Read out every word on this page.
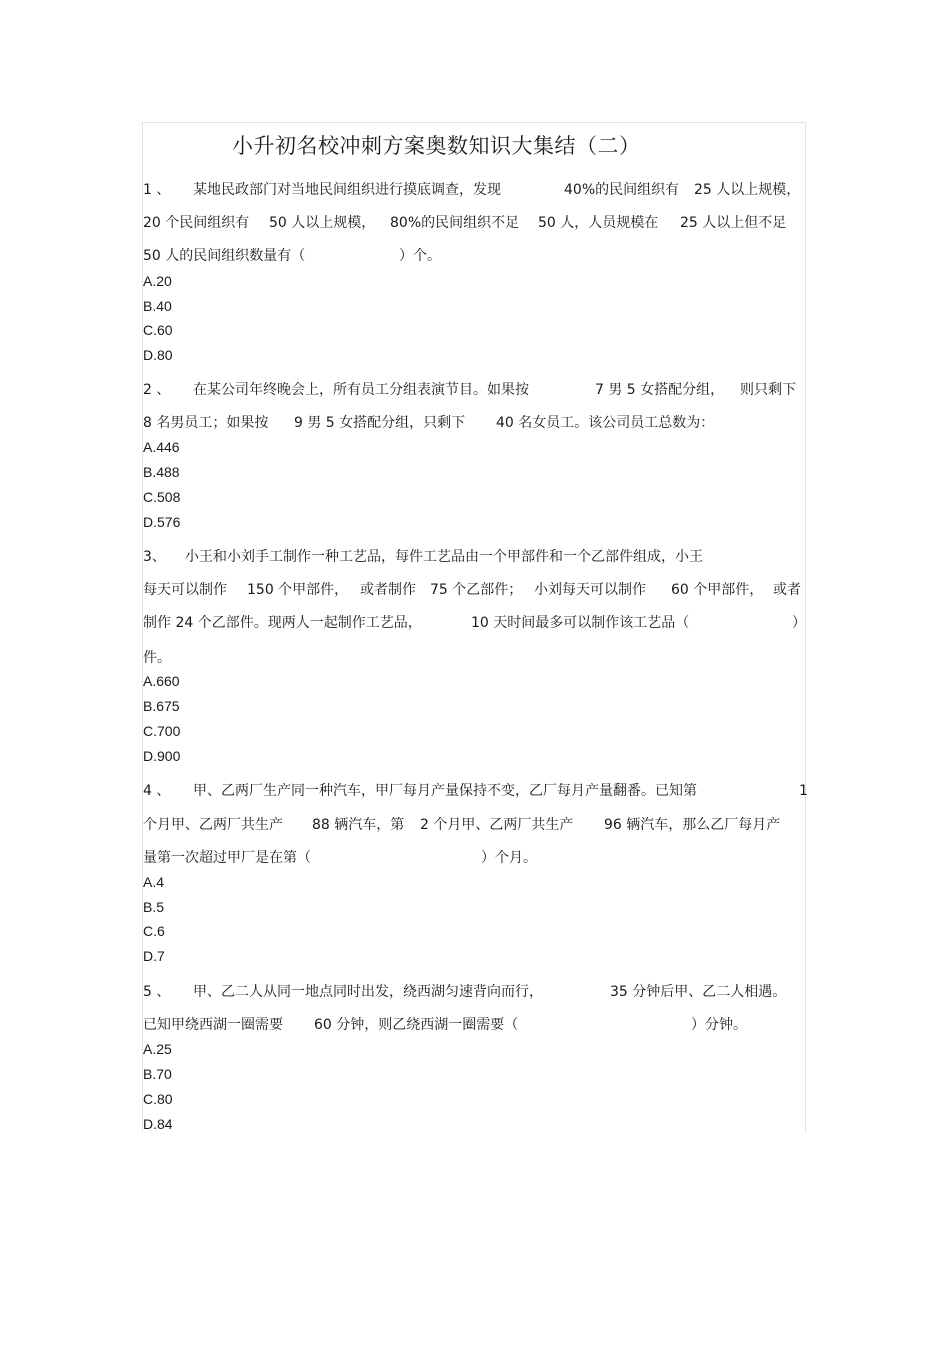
小升初名校冲刺方案奥数知识大集结（二）
1 、 某地民政部门对当地民间组织进行摸底调查，发现	40%的民间组织有 25 人以上规模，
20 个民间组织有 50 人以上规模， 80%的民间组织不足 50 人，人员规模在 25 人以上但不足
50 人的民间组织数量有（	）个。
A.20
B.40
C.60
D.80
2 、 在某公司年终晚会上，所有员工分组表演节目。如果按	7 男 5 女搭配分组， 则只剩下
8 名男员工；如果按 9 男 5 女搭配分组，只剩下 40 名女员工。该公司员工总数为：
A.446
B.488
C.508
D.576
3、 小王和小刘手工制作一种工艺品，每件工艺品由一个甲部件和一个乙部件组成，小王
每天可以制作 150 个甲部件， 或者制作 75 个乙部件； 小刘每天可以制作 60 个甲部件， 或者
制作 24 个乙部件。现两人一起制作工艺品，	10 天时间最多可以制作该工艺品（	）
件。
A.660
B.675
C.700
D.900
4 、 甲、乙两厂生产同一种汽车，甲厂每月产量保持不变，乙厂每月产量翻番。已知第	1
个月甲、乙两厂共生产 88 辆汽车，第 2 个月甲、乙两厂共生产 96 辆汽车，那么乙厂每月产
量第一次超过甲厂是在第（	）个月。
A.4
B.5
C.6
D.7
5 、 甲、乙二人从同一地点同时出发，绕西湖匀速背向而行，	35 分钟后甲、乙二人相遇。
已知甲绕西湖一圈需要 60 分钟，则乙绕西湖一圈需要（	）分钟。
A.25
B.70
C.80
D.84
